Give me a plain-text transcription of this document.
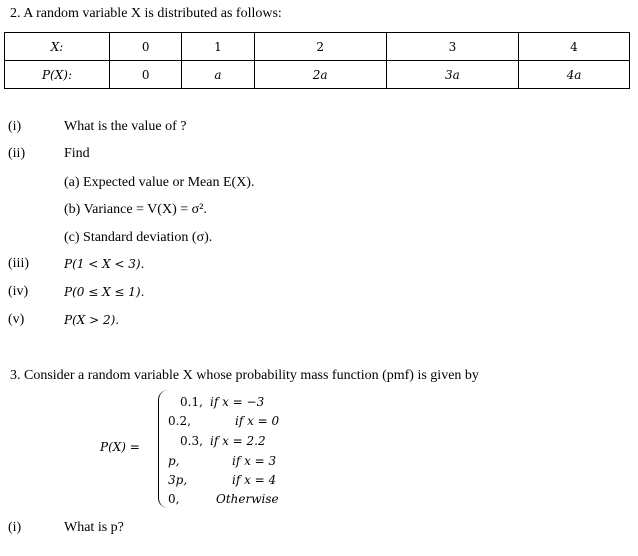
2. A random variable X is distributed as follows:
X:	0	1	2	3	4
P(X):	0	a	2a	3a	4a
(i)	What is the value of ?
(ii)	Find
(a) Expected value or Mean E(X).
(b) Variance = V(X) = σ².
(c) Standard deviation (σ).
(iii)	P(1 < X < 3).
(iv)	P(0 ≤ X ≤ 1).
(v)	P(X > 2).
3. Consider a random variable X whose probability mass function (pmf) is given by
P(X) =
0.1, if x = −3
0.2,	if x = 0
0.3, if x = 2.2
p,	if x = 3
3p,	if x = 4
0,	Otherwise
(i)	What is p?
